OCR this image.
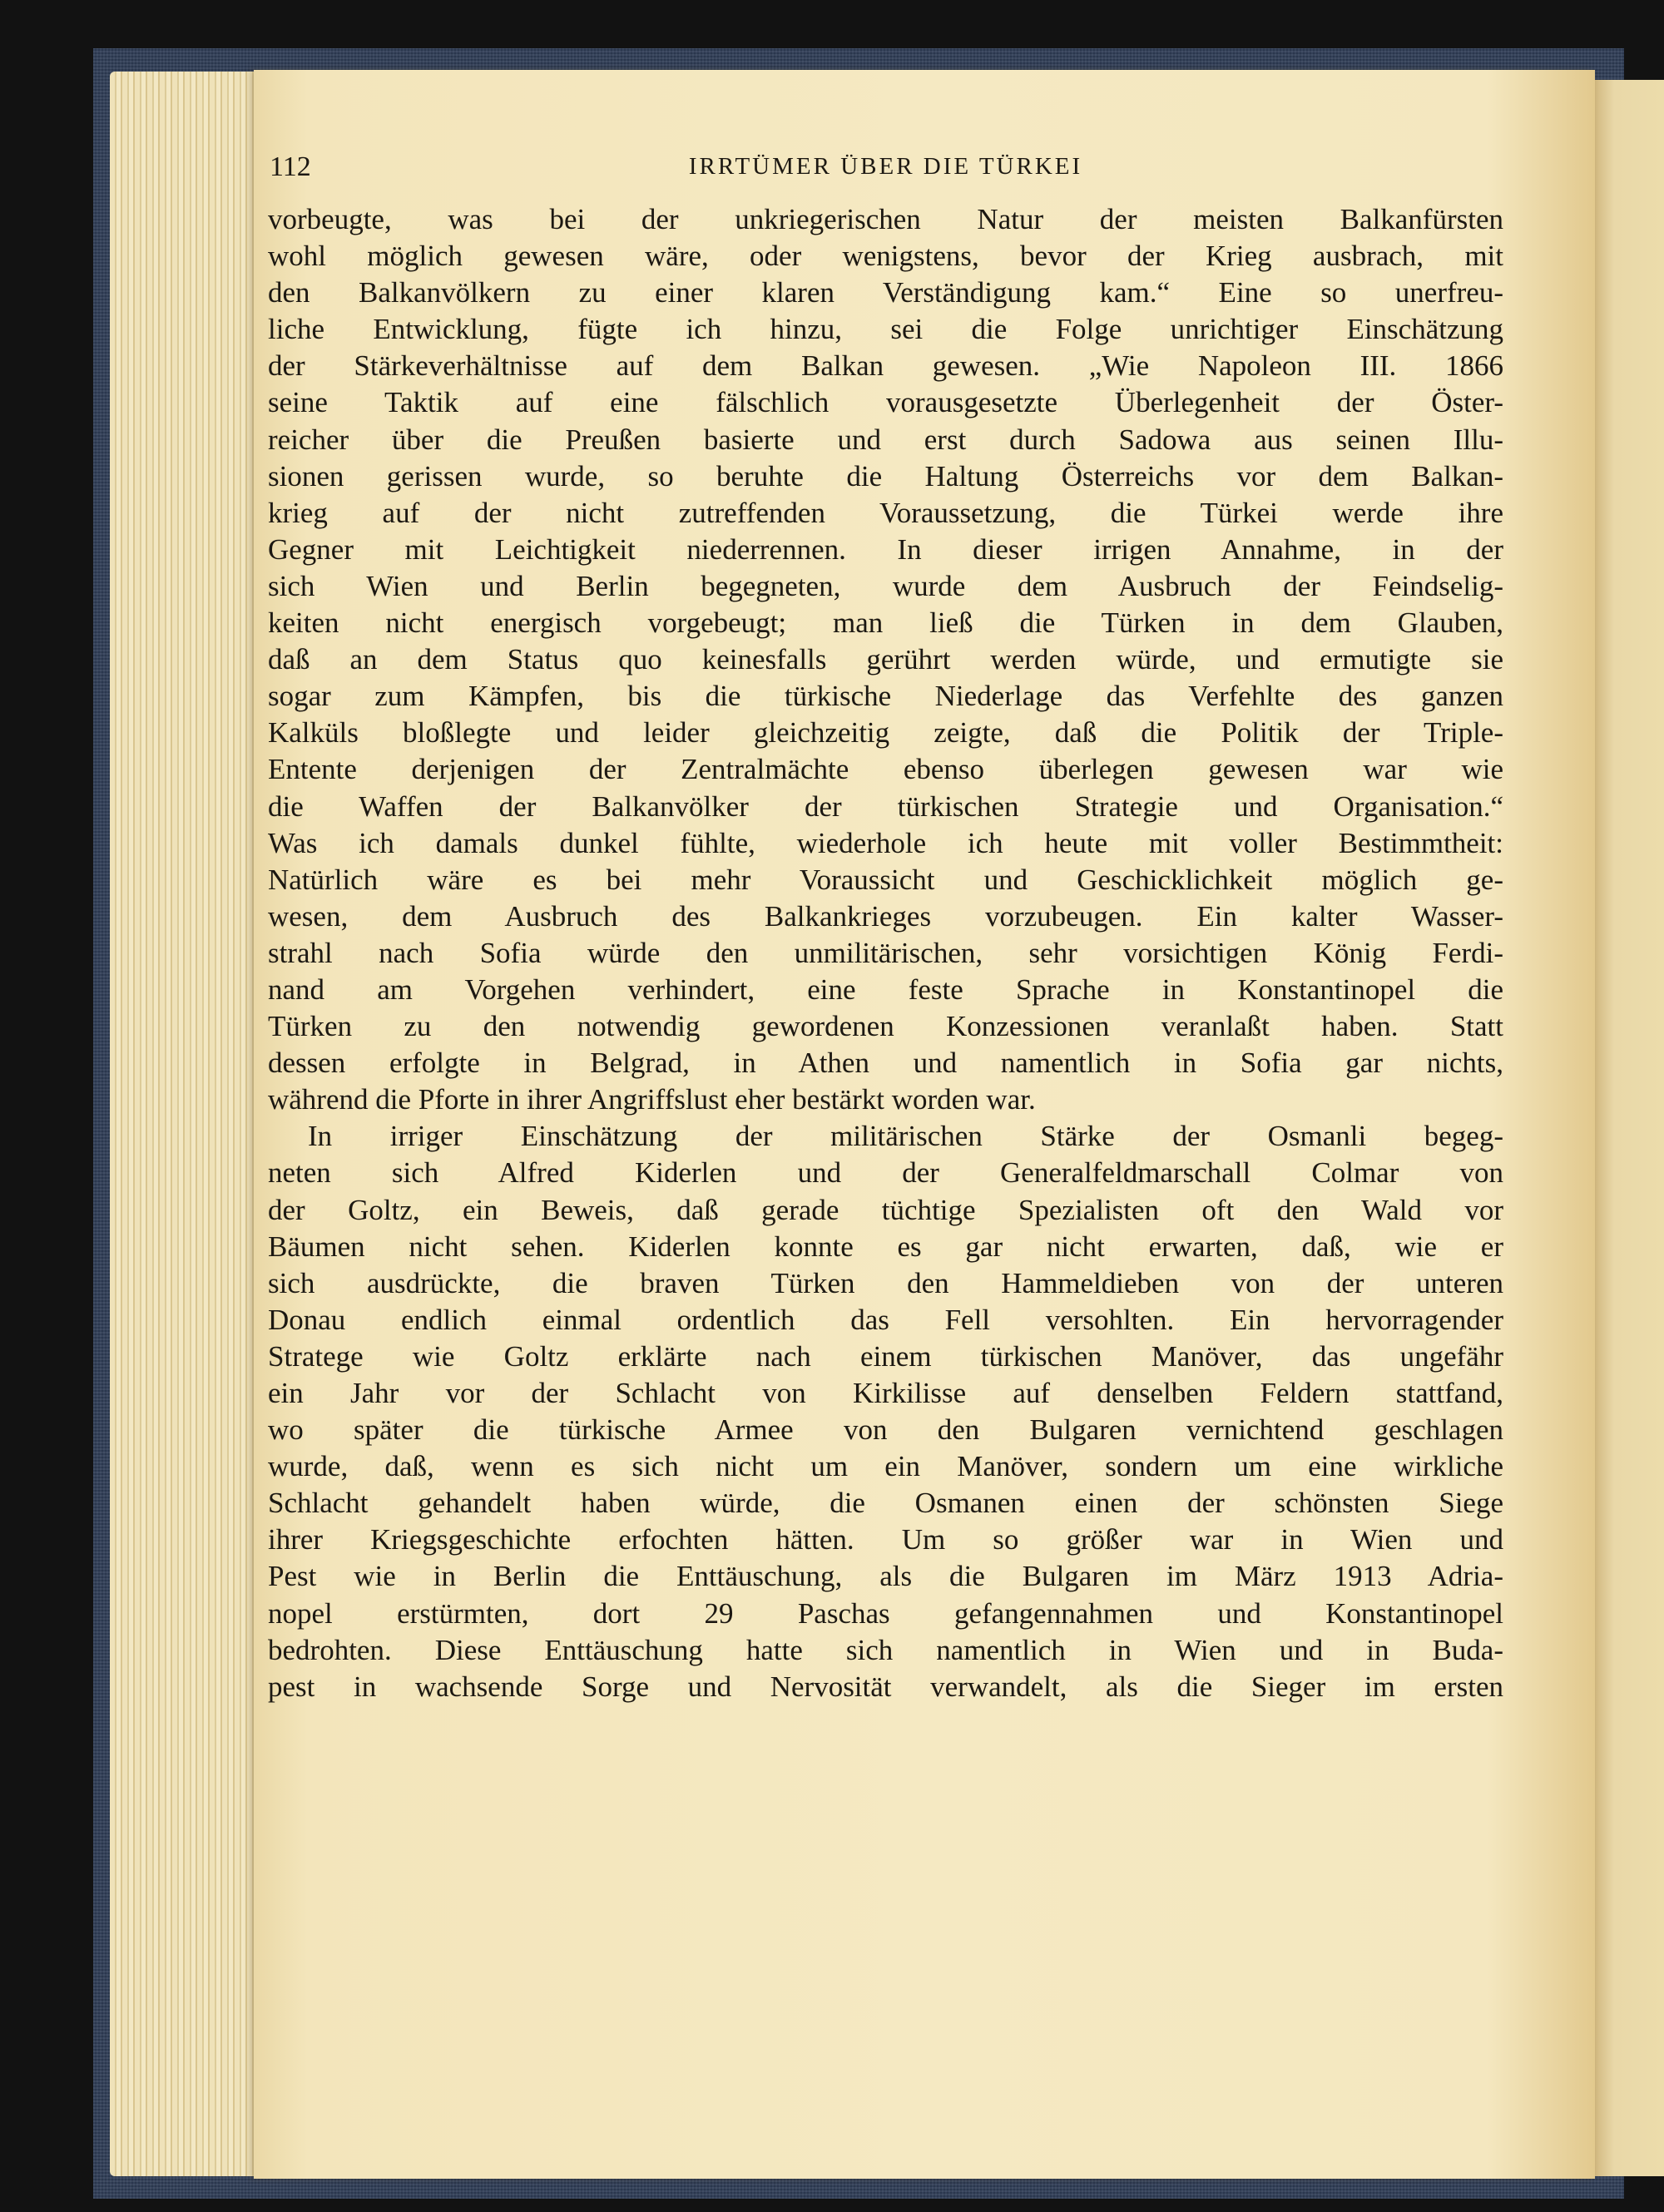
112	IRRTÜMER ÜBER DIE TÜRKEI
vorbeugte, was bei der unkriegerischen Natur der meisten Balkanfürsten
wohl möglich gewesen wäre, oder wenigstens, bevor der Krieg ausbrach, mit
den Balkanvölkern zu einer klaren Verständigung kam.“ Eine so unerfreu-
liche Entwicklung, fügte ich hinzu, sei die Folge unrichtiger Einschätzung
der Stärkeverhältnisse auf dem Balkan gewesen. „Wie Napoleon III. 1866
seine Taktik auf eine fälschlich vorausgesetzte Überlegenheit der Öster-
reicher über die Preußen basierte und erst durch Sadowa aus seinen Illu-
sionen gerissen wurde, so beruhte die Haltung Österreichs vor dem Balkan-
krieg auf der nicht zutreffenden Voraussetzung, die Türkei werde ihre
Gegner mit Leichtigkeit niederrennen. In dieser irrigen Annahme, in der
sich Wien und Berlin begegneten, wurde dem Ausbruch der Feindselig-
keiten nicht energisch vorgebeugt; man ließ die Türken in dem Glauben,
daß an dem Status quo keinesfalls gerührt werden würde, und ermutigte sie
sogar zum Kämpfen, bis die türkische Niederlage das Verfehlte des ganzen
Kalküls bloßlegte und leider gleichzeitig zeigte, daß die Politik der Triple-
Entente derjenigen der Zentralmächte ebenso überlegen gewesen war wie
die Waffen der Balkanvölker der türkischen Strategie und Organisation.“
Was ich damals dunkel fühlte, wiederhole ich heute mit voller Bestimmtheit:
Natürlich wäre es bei mehr Voraussicht und Geschicklichkeit möglich ge-
wesen, dem Ausbruch des Balkankrieges vorzubeugen. Ein kalter Wasser-
strahl nach Sofia würde den unmilitärischen, sehr vorsichtigen König Ferdi-
nand am Vorgehen verhindert, eine feste Sprache in Konstantinopel die
Türken zu den notwendig gewordenen Konzessionen veranlaßt haben. Statt
dessen erfolgte in Belgrad, in Athen und namentlich in Sofia gar nichts,
während die Pforte in ihrer Angriffslust eher bestärkt worden war.
In irriger Einschätzung der militärischen Stärke der Osmanli begeg-
neten sich Alfred Kiderlen und der Generalfeldmarschall Colmar von
der Goltz, ein Beweis, daß gerade tüchtige Spezialisten oft den Wald vor
Bäumen nicht sehen. Kiderlen konnte es gar nicht erwarten, daß, wie er
sich ausdrückte, die braven Türken den Hammeldieben von der unteren
Donau endlich einmal ordentlich das Fell versohlten. Ein hervorragender
Stratege wie Goltz erklärte nach einem türkischen Manöver, das ungefähr
ein Jahr vor der Schlacht von Kirkilisse auf denselben Feldern stattfand,
wo später die türkische Armee von den Bulgaren vernichtend geschlagen
wurde, daß, wenn es sich nicht um ein Manöver, sondern um eine wirkliche
Schlacht gehandelt haben würde, die Osmanen einen der schönsten Siege
ihrer Kriegsgeschichte erfochten hätten. Um so größer war in Wien und
Pest wie in Berlin die Enttäuschung, als die Bulgaren im März 1913 Adria-
nopel erstürmten, dort 29 Paschas gefangennahmen und Konstantinopel
bedrohten. Diese Enttäuschung hatte sich namentlich in Wien und in Buda-
pest in wachsende Sorge und Nervosität verwandelt, als die Sieger im ersten
